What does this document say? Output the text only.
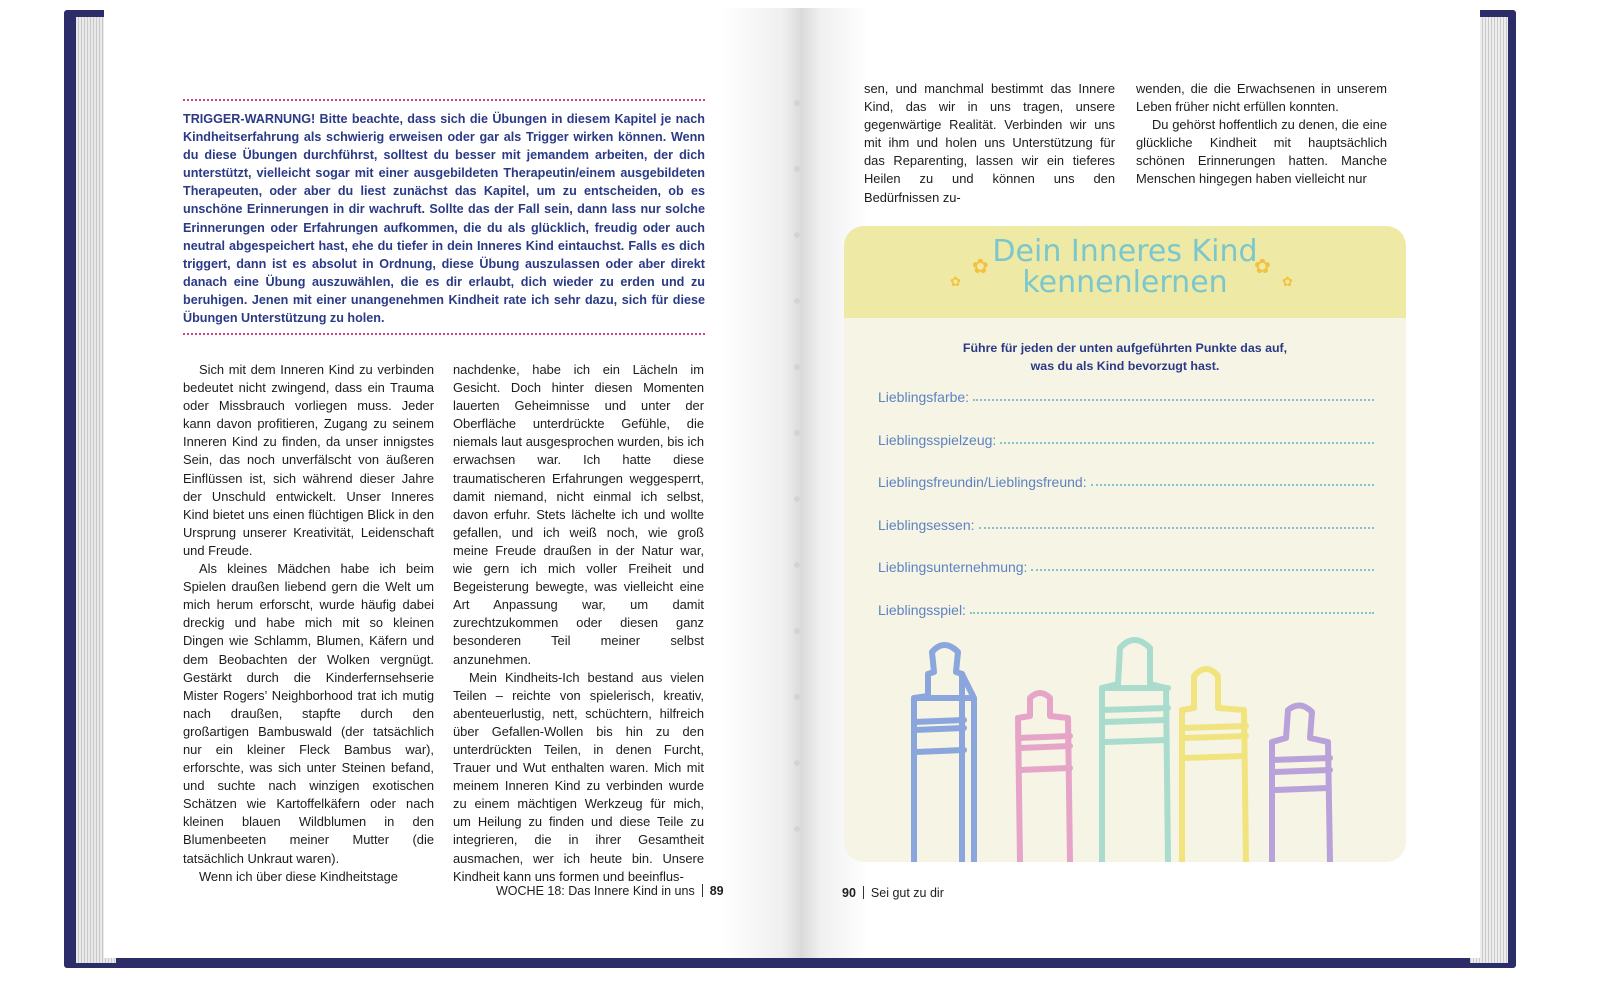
TRIGGER-WARNUNG! Bitte beachte, dass sich die Übungen in diesem Kapitel je nach Kindheitserfahrung als schwierig erweisen oder gar als Trigger wirken können. Wenn du diese Übungen durchführst, solltest du besser mit jemandem arbeiten, der dich unterstützt, vielleicht sogar mit einer ausgebildeten Therapeutin/einem ausgebildeten Therapeuten, oder aber du liest zunächst das Kapitel, um zu entscheiden, ob es unschöne Erinnerungen in dir wachruft. Sollte das der Fall sein, dann lass nur solche Erinnerungen oder Erfahrungen aufkommen, die du als glücklich, freudig oder auch neutral abgespeichert hast, ehe du tiefer in dein Inneres Kind eintauchst. Falls es dich triggert, dann ist es absolut in Ordnung, diese Übung auszulassen oder aber direkt danach eine Übung auszuwählen, die es dir erlaubt, dich wieder zu erden und zu beruhigen. Jenen mit einer unangenehmen Kindheit rate ich sehr dazu, sich für diese Übungen Unterstützung zu holen.

Sich mit dem Inneren Kind zu verbinden bedeutet nicht zwingend, dass ein Trauma oder Missbrauch vorliegen muss. Jeder kann davon profitieren, Zugang zu seinem Inneren Kind zu finden, da unser innigstes Sein, das noch unverfälscht von äußeren Einflüssen ist, sich während dieser Jahre der Unschuld entwickelt. Unser Inneres Kind bietet uns einen flüchtigen Blick in den Ursprung unserer Kreativität, Leidenschaft und Freude.

Als kleines Mädchen habe ich beim Spielen draußen liebend gern die Welt um mich herum erforscht, wurde häufig dabei dreckig und habe mich mit so kleinen Dingen wie Schlamm, Blumen, Käfern und dem Beobachten der Wolken vergnügt. Gestärkt durch die Kinderfernsehserie Mister Rogers’ Neighborhood trat ich mutig nach draußen, stapfte durch den großartigen Bambuswald (der tatsächlich nur ein kleiner Fleck Bambus war), erforschte, was sich unter Steinen befand, und suchte nach winzigen exotischen Schätzen wie Kartoffelkäfern oder nach kleinen blauen Wildblumen in den Blumenbeeten meiner Mutter (die tatsächlich Unkraut waren).

Wenn ich über diese Kindheitstage

nachdenke, habe ich ein Lächeln im Gesicht. Doch hinter diesen Momenten lauerten Geheimnisse und unter der Oberfläche unterdrückte Gefühle, die niemals laut ausgesprochen wurden, bis ich erwachsen war. Ich hatte diese traumatischeren Erfahrungen weggesperrt, damit niemand, nicht einmal ich selbst, davon erfuhr. Stets lächelte ich und wollte gefallen, und ich weiß noch, wie groß meine Freude draußen in der Natur war, wie gern ich mich voller Freiheit und Begeisterung bewegte, was vielleicht eine Art Anpassung war, um damit zurechtzukommen oder diesen ganz besonderen Teil meiner selbst anzunehmen.

Mein Kindheits-Ich bestand aus vielen Teilen – reichte von spielerisch, kreativ, abenteuerlustig, nett, schüchtern, hilfreich über Gefallen-Wollen bis hin zu den unterdrückten Teilen, in denen Furcht, Trauer und Wut enthalten waren. Mich mit meinem Inneren Kind zu verbinden wurde zu einem mächtigen Werkzeug für mich, um Heilung zu finden und diese Teile zu integrieren, die in ihrer Gesamtheit ausmachen, wer ich heute bin. Unsere Kindheit kann uns formen und beeinflus-

WOCHE 18: Das Innere Kind in uns 89

sen, und manchmal bestimmt das Innere Kind, das wir in uns tragen, unsere gegenwärtige Realität. Verbinden wir uns mit ihm und holen uns Unterstützung für das Reparenting, lassen wir ein tieferes Heilen zu und können uns den Bedürfnissen zu-

wenden, die die Erwachsenen in unserem Leben früher nicht erfüllen konnten.

Du gehörst hoffentlich zu denen, die eine glückliche Kindheit mit hauptsächlich schönen Erinnerungen hatten. Manche Menschen hingegen haben vielleicht nur

Dein Inneres Kind
kennenlernen
✿
✿
✿
✿
Führe für jeden der unten aufgeführten Punkte das auf,
was du als Kind bevorzugt hast.
Lieblingsfarbe:
Lieblingsspielzeug:
Lieblingsfreundin/Lieblingsfreund:
Lieblingsessen:
Lieblingsunternehmung:
Lieblingsspiel:
90 Sei gut zu dir
